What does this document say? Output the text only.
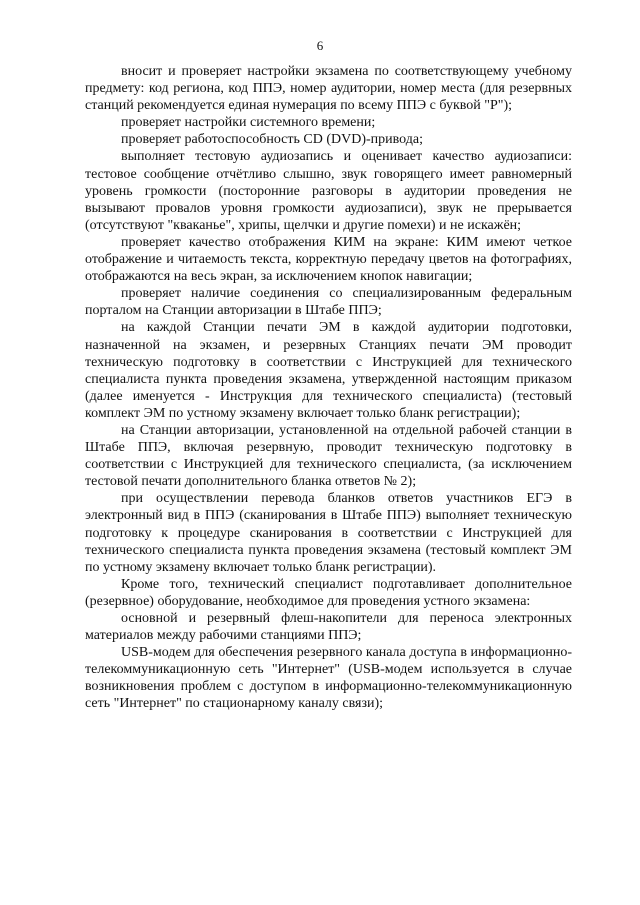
6

вносит и проверяет настройки экзамена по соответствующему учебному предмету: код региона, код ППЭ, номер аудитории, номер места (для резервных станций рекомендуется единая нумерация по всему ППЭ с буквой "Р");

проверяет настройки системного времени;

проверяет работоспособность CD (DVD)-привода;

выполняет тестовую аудиозапись и оценивает качество аудиозаписи: тестовое сообщение отчётливо слышно, звук говорящего имеет равномерный уровень громкости (посторонние разговоры в аудитории проведения не вызывают провалов уровня громкости аудиозаписи), звук не прерывается (отсутствуют "кваканье", хрипы, щелчки и другие помехи) и не искажён;

проверяет качество отображения КИМ на экране: КИМ имеют четкое отображение и читаемость текста, корректную передачу цветов на фотографиях, отображаются на весь экран, за исключением кнопок навигации;

проверяет наличие соединения со специализированным федеральным порталом на Станции авторизации в Штабе ППЭ;

на каждой Станции печати ЭМ в каждой аудитории подготовки, назначенной на экзамен, и резервных Станциях печати ЭМ проводит техническую подготовку в соответствии с Инструкцией для технического специалиста пункта проведения экзамена, утвержденной настоящим приказом (далее именуется - Инструкция для технического специалиста) (тестовый комплект ЭМ по устному экзамену включает только бланк регистрации);

на Станции авторизации, установленной на отдельной рабочей станции в Штабе ППЭ, включая резервную, проводит техническую подготовку в соответствии с Инструкцией для технического специалиста, (за исключением тестовой печати дополнительного бланка ответов № 2);

при осуществлении перевода бланков ответов участников ЕГЭ в электронный вид в ППЭ (сканирования в Штабе ППЭ) выполняет техническую подготовку к процедуре сканирования в соответствии с Инструкцией для технического специалиста пункта проведения экзамена (тестовый комплект ЭМ по устному экзамену включает только бланк регистрации).

Кроме того, технический специалист подготавливает дополнительное (резервное) оборудование, необходимое для проведения устного экзамена:

основной и резервный флеш-накопители для переноса электронных материалов между рабочими станциями ППЭ;

USB-модем для обеспечения резервного канала доступа в информационно-телекоммуникационную сеть "Интернет" (USB-модем используется в случае возникновения проблем с доступом в информационно-телекоммуникационную сеть "Интернет" по стационарному каналу связи);
